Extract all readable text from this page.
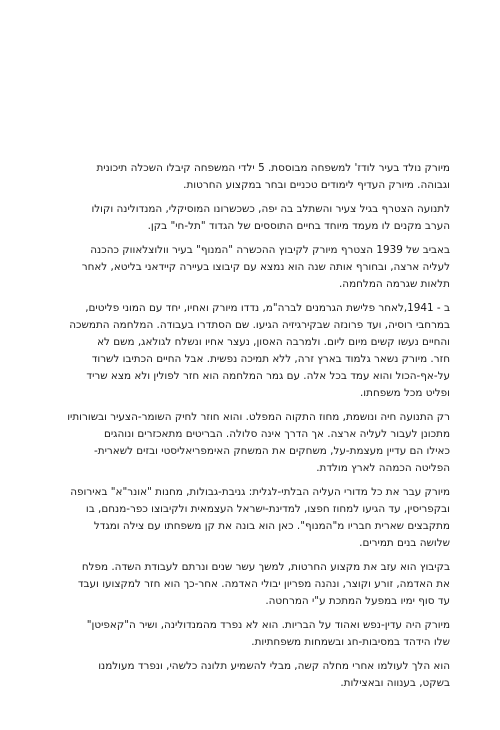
מיורק נולד בעיר לודז' למשפחה מבוססת. 5 ילדי המשפחה קיבלו השכלה תיכונית
וגבוהה. מיורק העדיף לימודים טכניים ובחר במקצוע החרטות.

לתנועה הצטרף בגיל צעיר והשתלב בה יפה, כשכשרונו המוסיקלי, המנדולינה וקולו
הערב מקנים לו מעמד מיוחד בחיים התוססים של הגדוד "תל-חי" בקן.

באביב של 1939 הצטרף מיורק לקיבוץ ההכשרה "המנוף" בעיר וולוצלאווק כהכנה
לעליה ארצה, ובחורף אותה שנה הוא נמצא עם קיבוצו בעיירה קיידאני בליטא, לאחר
תלאות שגרמה המלחמה.

ב - 1941,לאחר פלישת הגרמנים לברה"מ, נדדו מיורק ואחיו, יחד עם המוני פליטים,
במרחבי רוסיה, ועד פרונזה שבקירגיזיה הגיעו. שם הסתדרו בעבודה. המלחמה התמשכה
והחיים נעשו קשים מיום ליום. ולמרבה האסון, נעצר אחיו ונשלח לגולאג, משם לא
חזר. מיורק נשאר גלמוד בארץ זרה, ללא תמיכה נפשית. אבל החיים הכתיבו לשרוד
על-אף-הכול והוא עמד בכל אלה. עם גמר המלחמה הוא חזר לפולין ולא מצא שריד
ופליט מכל משפחתו.

רק התנועה חיה ונושמת, מחוז התקוה המפלט. והוא חוזר לחיק השומר-הצעיר ובשורותיו
מתכונן לעבור לעליה ארצה. אך הדרך אינה סלולה. הבריטים מתאכזרים ונוהגים
כאילו הם עדיין מעצמת-על, משחקים את המשחק האימפריאליסטי ובזים לשארית-
הפליטה הכמהה לארץ מולדת.

מיורק עבר את כל מדורי העליה הבלתי-לגלית: גניבת-גבולות, מחנות "אונר"א" באירופה
ובקפריסין, עד הגיעו למחוז חפצו, למדינת-ישראל העצמאית ולקיבוצו כפר-מנחם, בו
מתקבצים שארית חבריו מ"המנוף". כאן הוא בונה את קן משפחתו עם צילה ומגדל
שלושה בנים תמירים.

בקיבוץ הוא עזב את מקצוע החרטות, למשך עשר שנים ונרתם לעבודת השדה. מפלח
את האדמה, זורע וקוצר, ונהנה מפריון יבולי האדמה. אחר-כך הוא חזר למקצועו ועבד
עד סוף ימיו במפעל המתכת ע"י המרחטה.

מיורק היה עדין-נפש ואהוד על הבריות. הוא לא נפרד מהמנדולינה, ושיר ה"קאפיטן"
שלו הידהד במסיבות-חג ובשמחות משפחתיות.

הוא הלך לעולמו אחרי מחלה קשה, מבלי להשמיע תלונה כלשהי, ונפרד מעולמנו
בשקט, בענווה ובאצילות.
